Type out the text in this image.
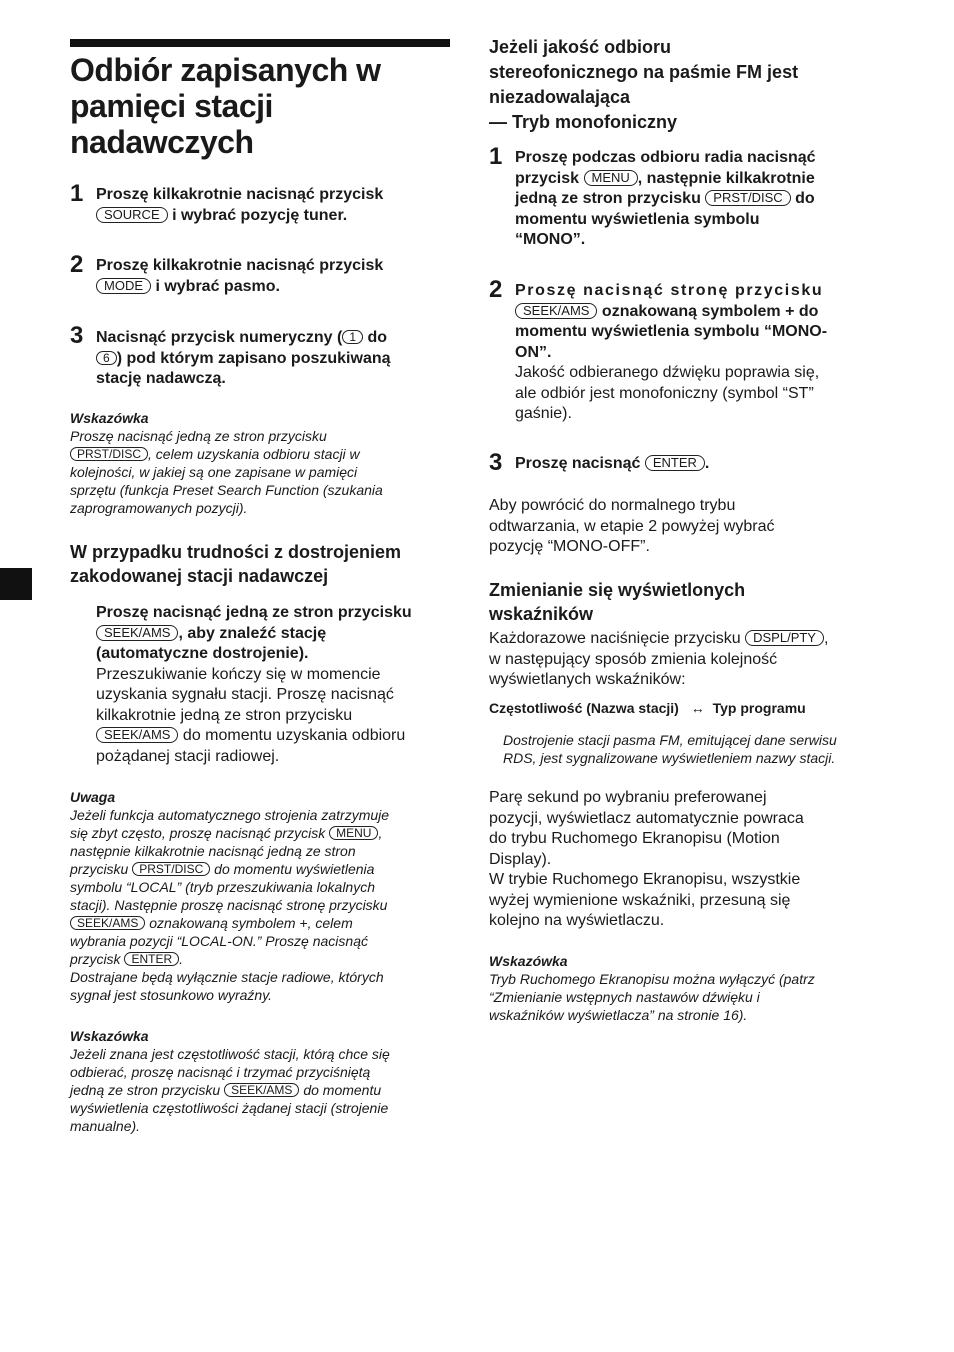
Odbiór zapisanych w
pamięci stacji
nadawczych
1 Proszę kilkakrotnie nacisnąć przycisk
SOURCE i wybrać pozycję tuner.
2 Proszę kilkakrotnie nacisnąć przycisk
MODE i wybrać pasmo.
3 Nacisnąć przycisk numeryczny ( 1 do
6 ) pod którym zapisano poszukiwaną
stację nadawczą.
Wskazówka
Proszę nacisnąć jedną ze stron przycisku
PRST/DISC , celem uzyskania odbioru stacji w
kolejności, w jakiej są one zapisane w pamięci
sprzętu (funkcja Preset Search Function (szukania
zaprogramowanych pozycji).
W przypadku trudności z dostrojeniem
zakodowanej stacji nadawczej
Proszę nacisnąć jedną ze stron przycisku
SEEK/AMS , aby znaleźć stację
(automatyczne dostrojenie).
Przeszukiwanie kończy się w momencie
uzyskania sygnału stacji. Proszę nacisnąć
kilkakrotnie jedną ze stron przycisku
SEEK/AMS do momentu uzyskania odbioru
pożądanej stacji radiowej.
Uwaga
Jeżeli funkcja automatycznego strojenia zatrzymuje
się zbyt często, proszę nacisnąć przycisk MENU ,
następnie kilkakrotnie nacisnąć jedną ze stron
przycisku PRST/DISC do momentu wyświetlenia
symbolu “LOCAL” (tryb przeszukiwania lokalnych
stacji). Następnie proszę nacisnąć stronę przycisku
SEEK/AMS oznakowaną symbolem +, celem
wybrania pozycji “LOCAL-ON.” Proszę nacisnąć
przycisk ENTER .
Dostrajane będą wyłącznie stacje radiowe, których
sygnał jest stosunkowo wyraźny.
Wskazówka
Jeżeli znana jest częstotliwość stacji, którą chce się
odbierać, proszę nacisnąć i trzymać przyciśniętą
jedną ze stron przycisku SEEK/AMS do momentu
wyświetlenia częstotliwości żądanej stacji (strojenie
manualne).
Jeżeli jakość odbioru
stereofonicznego na paśmie FM jest
niezadowalająca
— Tryb monofoniczny
1 Proszę podczas odbioru radia nacisnąć
przycisk MENU , następnie kilkakrotnie
jedną ze stron przycisku PRST/DISC do
momentu wyświetlenia symbolu
“MONO”.
2 Proszę nacisnąć stronę przycisku
SEEK/AMS oznakowaną symbolem + do
momentu wyświetlenia symbolu “MONO-
ON”.
Jakość odbieranego dźwięku poprawia się,
ale odbiór jest monofoniczny (symbol “ST”
gaśnie).
3 Proszę nacisnąć ENTER .
Aby powrócić do normalnego trybu
odtwarzania, w etapie 2 powyżej wybrać
pozycję “MONO-OFF”.
Zmienianie się wyświetlonych
wskaźników
Każdorazowe naciśnięcie przycisku DSPL/PTY ,
w następujący sposób zmienia kolejność
wyświetlanych wskaźników:
Częstotliwość (Nazwa stacji) ↔ Typ programu
Dostrojenie stacji pasma FM, emitującej dane serwisu
RDS, jest sygnalizowane wyświetleniem nazwy stacji.
Parę sekund po wybraniu preferowanej
pozycji, wyświetlacz automatycznie powraca
do trybu Ruchomego Ekranopisu (Motion
Display).
W trybie Ruchomego Ekranopisu, wszystkie
wyżej wymienione wskaźniki, przesuną się
kolejno na wyświetlaczu.
Wskazówka
Tryb Ruchomego Ekranopisu można wyłączyć (patrz
“Zmienianie wstępnych nastawów dźwięku i
wskaźników wyświetlacza” na stronie 16).
